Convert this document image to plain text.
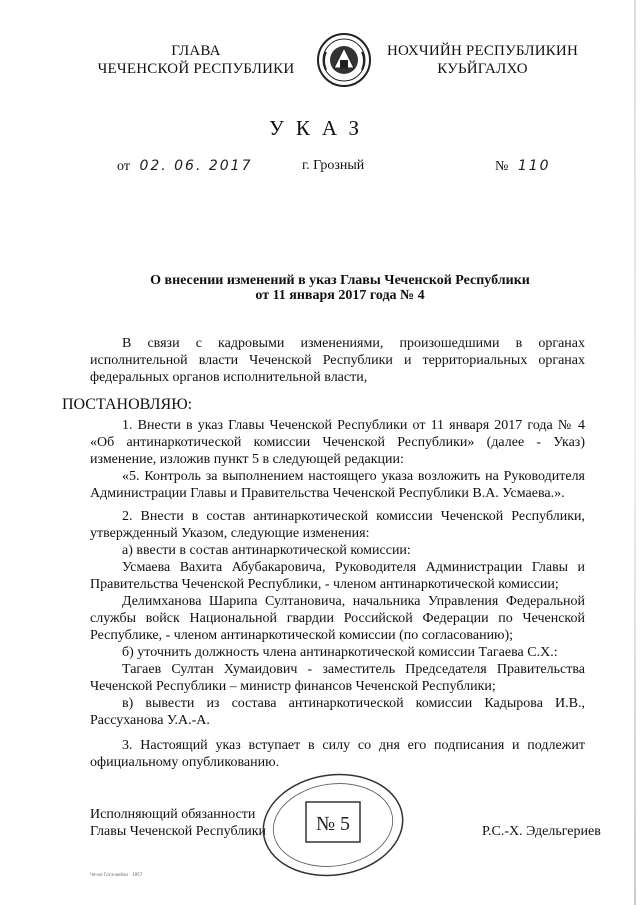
ГЛАВА
ЧЕЧЕНСКОЙ РЕСПУБЛИКИ
НОХЧИЙН РЕСПУБЛИКИН
КУЬЙГАЛХО
УКАЗ
от 02. 06. 2017	г. Грозный	№ 110
О внесении изменений в указ Главы Чеченской Республики
от 11 января 2017 года № 4

В связи с кадровыми изменениями, произошедшими в органах исполнительной власти Чеченской Республики и территориальных органах федеральных органов исполнительной власти,

ПОСТАНОВЛЯЮ:

1. Внести в указ Главы Чеченской Республики от 11 января 2017 года № 4 «Об антинаркотической комиссии Чеченской Республики» (далее - Указ) изменение, изложив пункт 5 в следующей редакции:

«5. Контроль за выполнением настоящего указа возложить на Руководителя Администрации Главы и Правительства Чеченской Республики В.А. Усмаева.».

2. Внести в состав антинаркотической комиссии Чеченской Республики, утвержденный Указом, следующие изменения:

а) ввести в состав антинаркотической комиссии:

Усмаева Вахита Абубакаровича, Руководителя Администрации Главы и Правительства Чеченской Республики, - членом антинаркотической комиссии;

Делимханова Шарипа Султановича, начальника Управления Федеральной службы войск Национальной гвардии Российской Федерации по Чеченской Республике, - членом антинаркотической комиссии (по согласованию);

б) уточнить должность члена антинаркотической комиссии Тагаева С.Х.:

Тагаев Султан Хумаидович - заместитель Председателя Правительства Чеченской Республики – министр финансов Чеченской Республики;

в) вывести из состава антинаркотической комиссии Кадырова И.В., Рассуханова У.А.-А.

3. Настоящий указ вступает в силу со дня его подписания и подлежит официальному опубликованию.

Исполняющий обязанности
Главы Чеченской Республики	Р.С.-Х. Эдельгериев
№ 5
Чечня Госзнакбан - 1957
